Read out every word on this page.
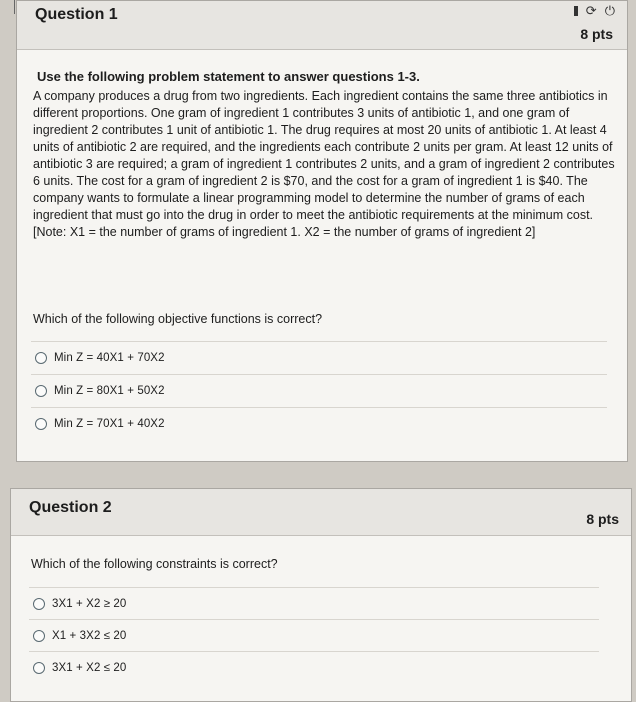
Question 1	⟳ ⏻
8 pts
Use the following problem statement to answer questions 1-3.

A company produces a drug from two ingredients. Each ingredient contains the same three antibiotics in different proportions. One gram of ingredient 1 contributes 3 units of antibiotic 1, and one gram of ingredient 2 contributes 1 unit of antibiotic 1. The drug requires at most 20 units of antibiotic 1. At least 4 units of antibiotic 2 are required, and the ingredients each contribute 2 units per gram. At least 12 units of antibiotic 3 are required; a gram of ingredient 1 contributes 2 units, and a gram of ingredient 2 contributes 6 units. The cost for a gram of ingredient 2 is $70, and the cost for a gram of ingredient 1 is $40. The company wants to formulate a linear programming model to determine the number of grams of each ingredient that must go into the drug in order to meet the antibiotic requirements at the minimum cost. [Note: X1 = the number of grams of ingredient 1. X2 = the number of grams of ingredient 2]

Which of the following objective functions is correct?
Min Z = 40X1 + 70X2
Min Z = 80X1 + 50X2
Min Z = 70X1 + 40X2
Question 2
8 pts
Which of the following constraints is correct?
3X1 + X2 ≥ 20
X1 + 3X2 ≤ 20
3X1 + X2 ≤ 20
